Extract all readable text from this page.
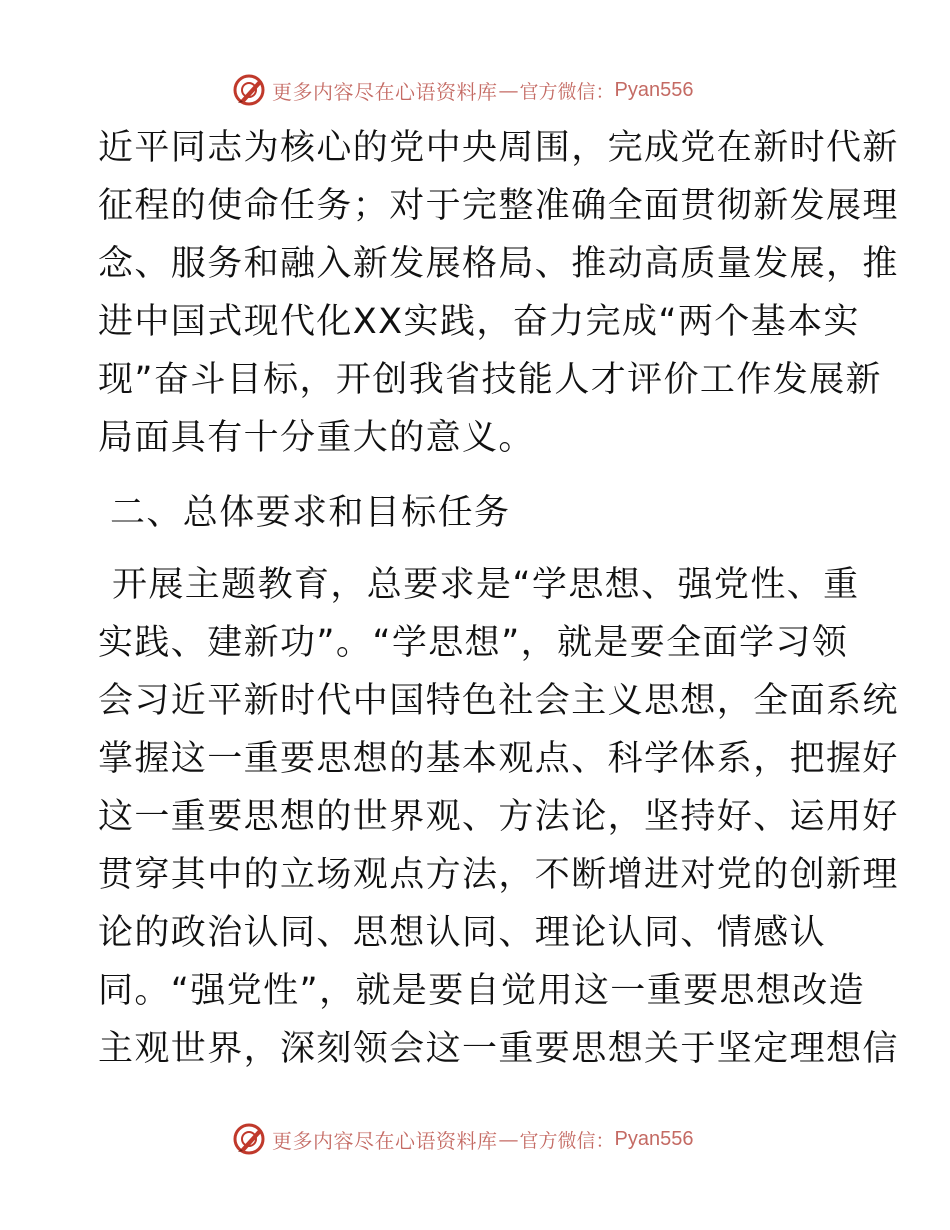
更多内容尽在心语资料库 — 官方微信： Pyan556
近平同志为核心的党中央周围，完成党在新时代新
征程的使命任务；对于完整准确全面贯彻新发展理
念、服务和融入新发展格局、推动高质量发展，推
进中国式现代化XX实践，奋力完成“两个基本实
现”奋斗目标，开创我省技能人才评价工作发展新
局面具有十分重大的意义。
二、总体要求和目标任务
开展主题教育，总要求是“学思想、强党性、重
实践、建新功”。“学思想”，就是要全面学习领
会习近平新时代中国特色社会主义思想，全面系统
掌握这一重要思想的基本观点、科学体系，把握好
这一重要思想的世界观、方法论，坚持好、运用好
贯穿其中的立场观点方法，不断增进对党的创新理
论的政治认同、思想认同、理论认同、情感认
同。“强党性”，就是要自觉用这一重要思想改造
主观世界，深刻领会这一重要思想关于坚定理想信
更多内容尽在心语资料库 — 官方微信： Pyan556
